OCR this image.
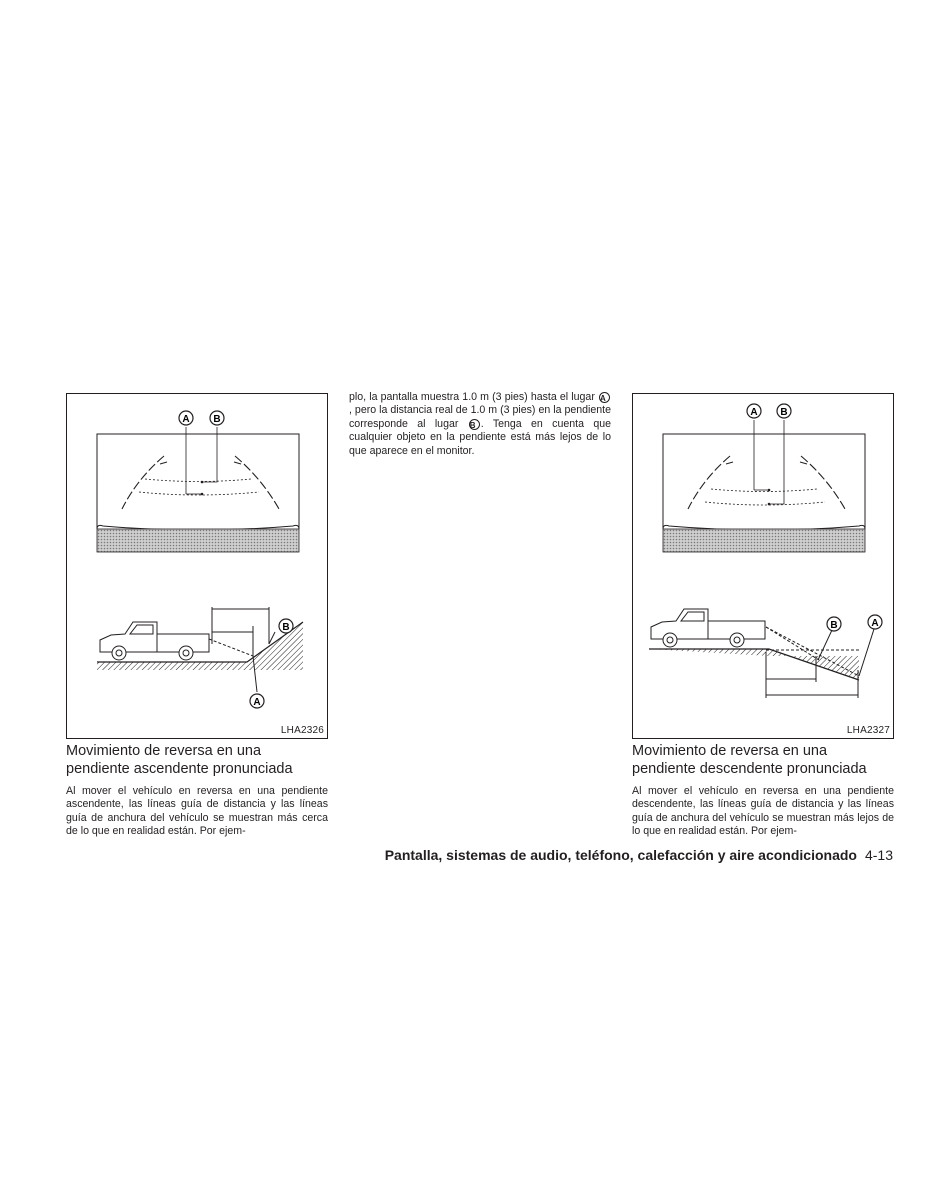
A B
B
A
LHA2326
Movimiento de reversa en una
pendiente ascendente pronunciada

Al mover el vehículo en reversa en una pendiente ascendente, las líneas guía de distancia y las líneas guía de anchura del vehículo se muestran más cerca de lo que en realidad están. Por ejem-

plo, la pantalla muestra 1.0 m (3 pies) hasta el lugar A, pero la distancia real de 1.0 m (3 pies) en la pendiente corresponde al lugar B . Tenga en cuenta que cualquier objeto en la pendiente está más lejos de lo que aparece en el monitor.

A B
B	A
LHA2327
Movimiento de reversa en una
pendiente descendente pronunciada

Al mover el vehículo en reversa en una pendiente descendente, las líneas guía de distancia y las líneas guía de anchura del vehículo se muestran más lejos de lo que en realidad están. Por ejem-

Pantalla, sistemas de audio, teléfono, calefacción y aire acondicionado 4-13
